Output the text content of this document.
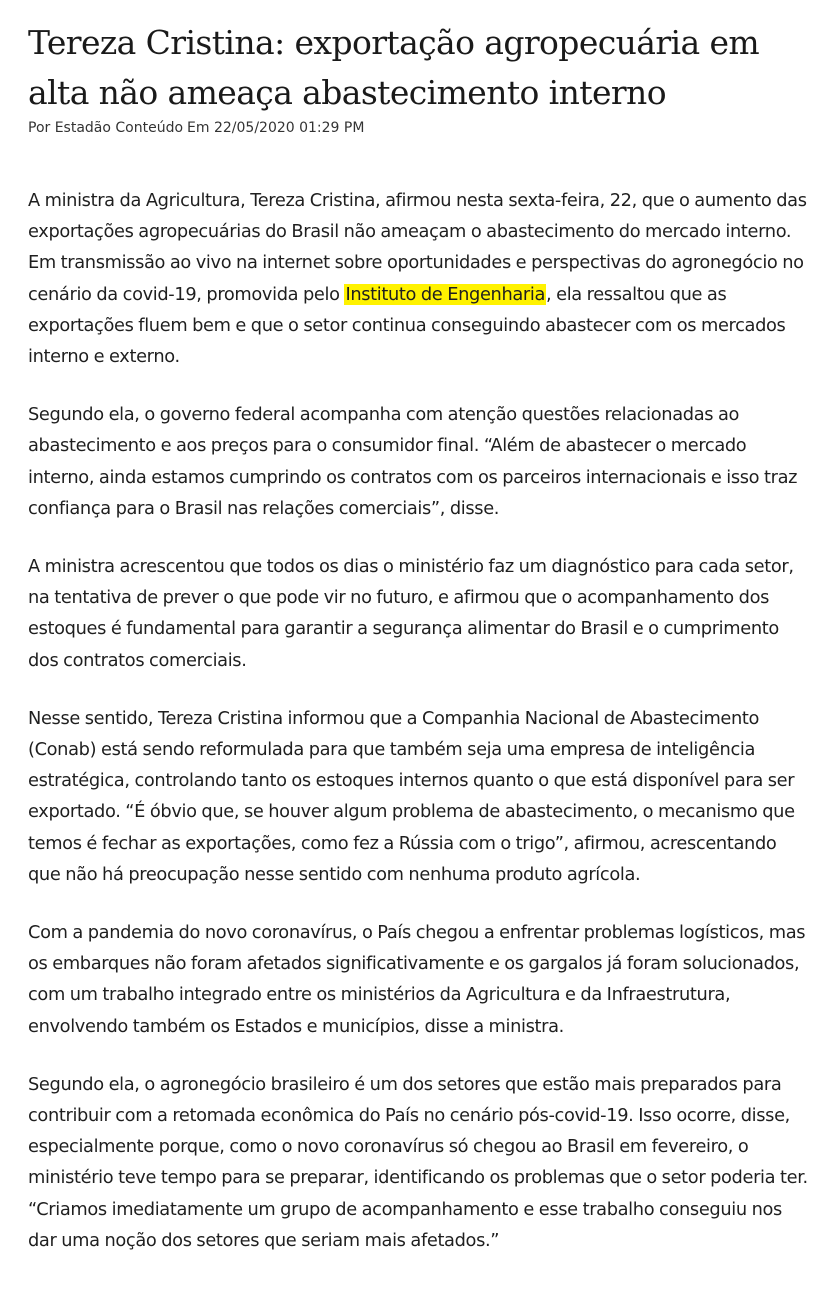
Tereza Cristina: exportação agropecuária em alta não ameaça abastecimento interno
Por Estadão Conteúdo Em 22/05/2020 01:29 PM

A ministra da Agricultura, Tereza Cristina, afirmou nesta sexta-feira, 22, que o aumento das exportações agropecuárias do Brasil não ameaçam o abastecimento do mercado interno. Em transmissão ao vivo na internet sobre oportunidades e perspectivas do agronegócio no cenário da covid-19, promovida pelo Instituto de Engenharia, ela ressaltou que as exportações fluem bem e que o setor continua conseguindo abastecer com os mercados interno e externo.

Segundo ela, o governo federal acompanha com atenção questões relacionadas ao abastecimento e aos preços para o consumidor final. “Além de abastecer o mercado interno, ainda estamos cumprindo os contratos com os parceiros internacionais e isso traz confiança para o Brasil nas relações comerciais”, disse.

A ministra acrescentou que todos os dias o ministério faz um diagnóstico para cada setor, na tentativa de prever o que pode vir no futuro, e afirmou que o acompanhamento dos estoques é fundamental para garantir a segurança alimentar do Brasil e o cumprimento dos contratos comerciais.

Nesse sentido, Tereza Cristina informou que a Companhia Nacional de Abastecimento (Conab) está sendo reformulada para que também seja uma empresa de inteligência estratégica, controlando tanto os estoques internos quanto o que está disponível para ser exportado. “É óbvio que, se houver algum problema de abastecimento, o mecanismo que temos é fechar as exportações, como fez a Rússia com o trigo”, afirmou, acrescentando que não há preocupação nesse sentido com nenhuma produto agrícola.

Com a pandemia do novo coronavírus, o País chegou a enfrentar problemas logísticos, mas os embarques não foram afetados significativamente e os gargalos já foram solucionados, com um trabalho integrado entre os ministérios da Agricultura e da Infraestrutura, envolvendo também os Estados e municípios, disse a ministra.

Segundo ela, o agronegócio brasileiro é um dos setores que estão mais preparados para contribuir com a retomada econômica do País no cenário pós-covid-19. Isso ocorre, disse, especialmente porque, como o novo coronavírus só chegou ao Brasil em fevereiro, o ministério teve tempo para se preparar, identificando os problemas que o setor poderia ter. “Criamos imediatamente um grupo de acompanhamento e esse trabalho conseguiu nos dar uma noção dos setores que seriam mais afetados.”
